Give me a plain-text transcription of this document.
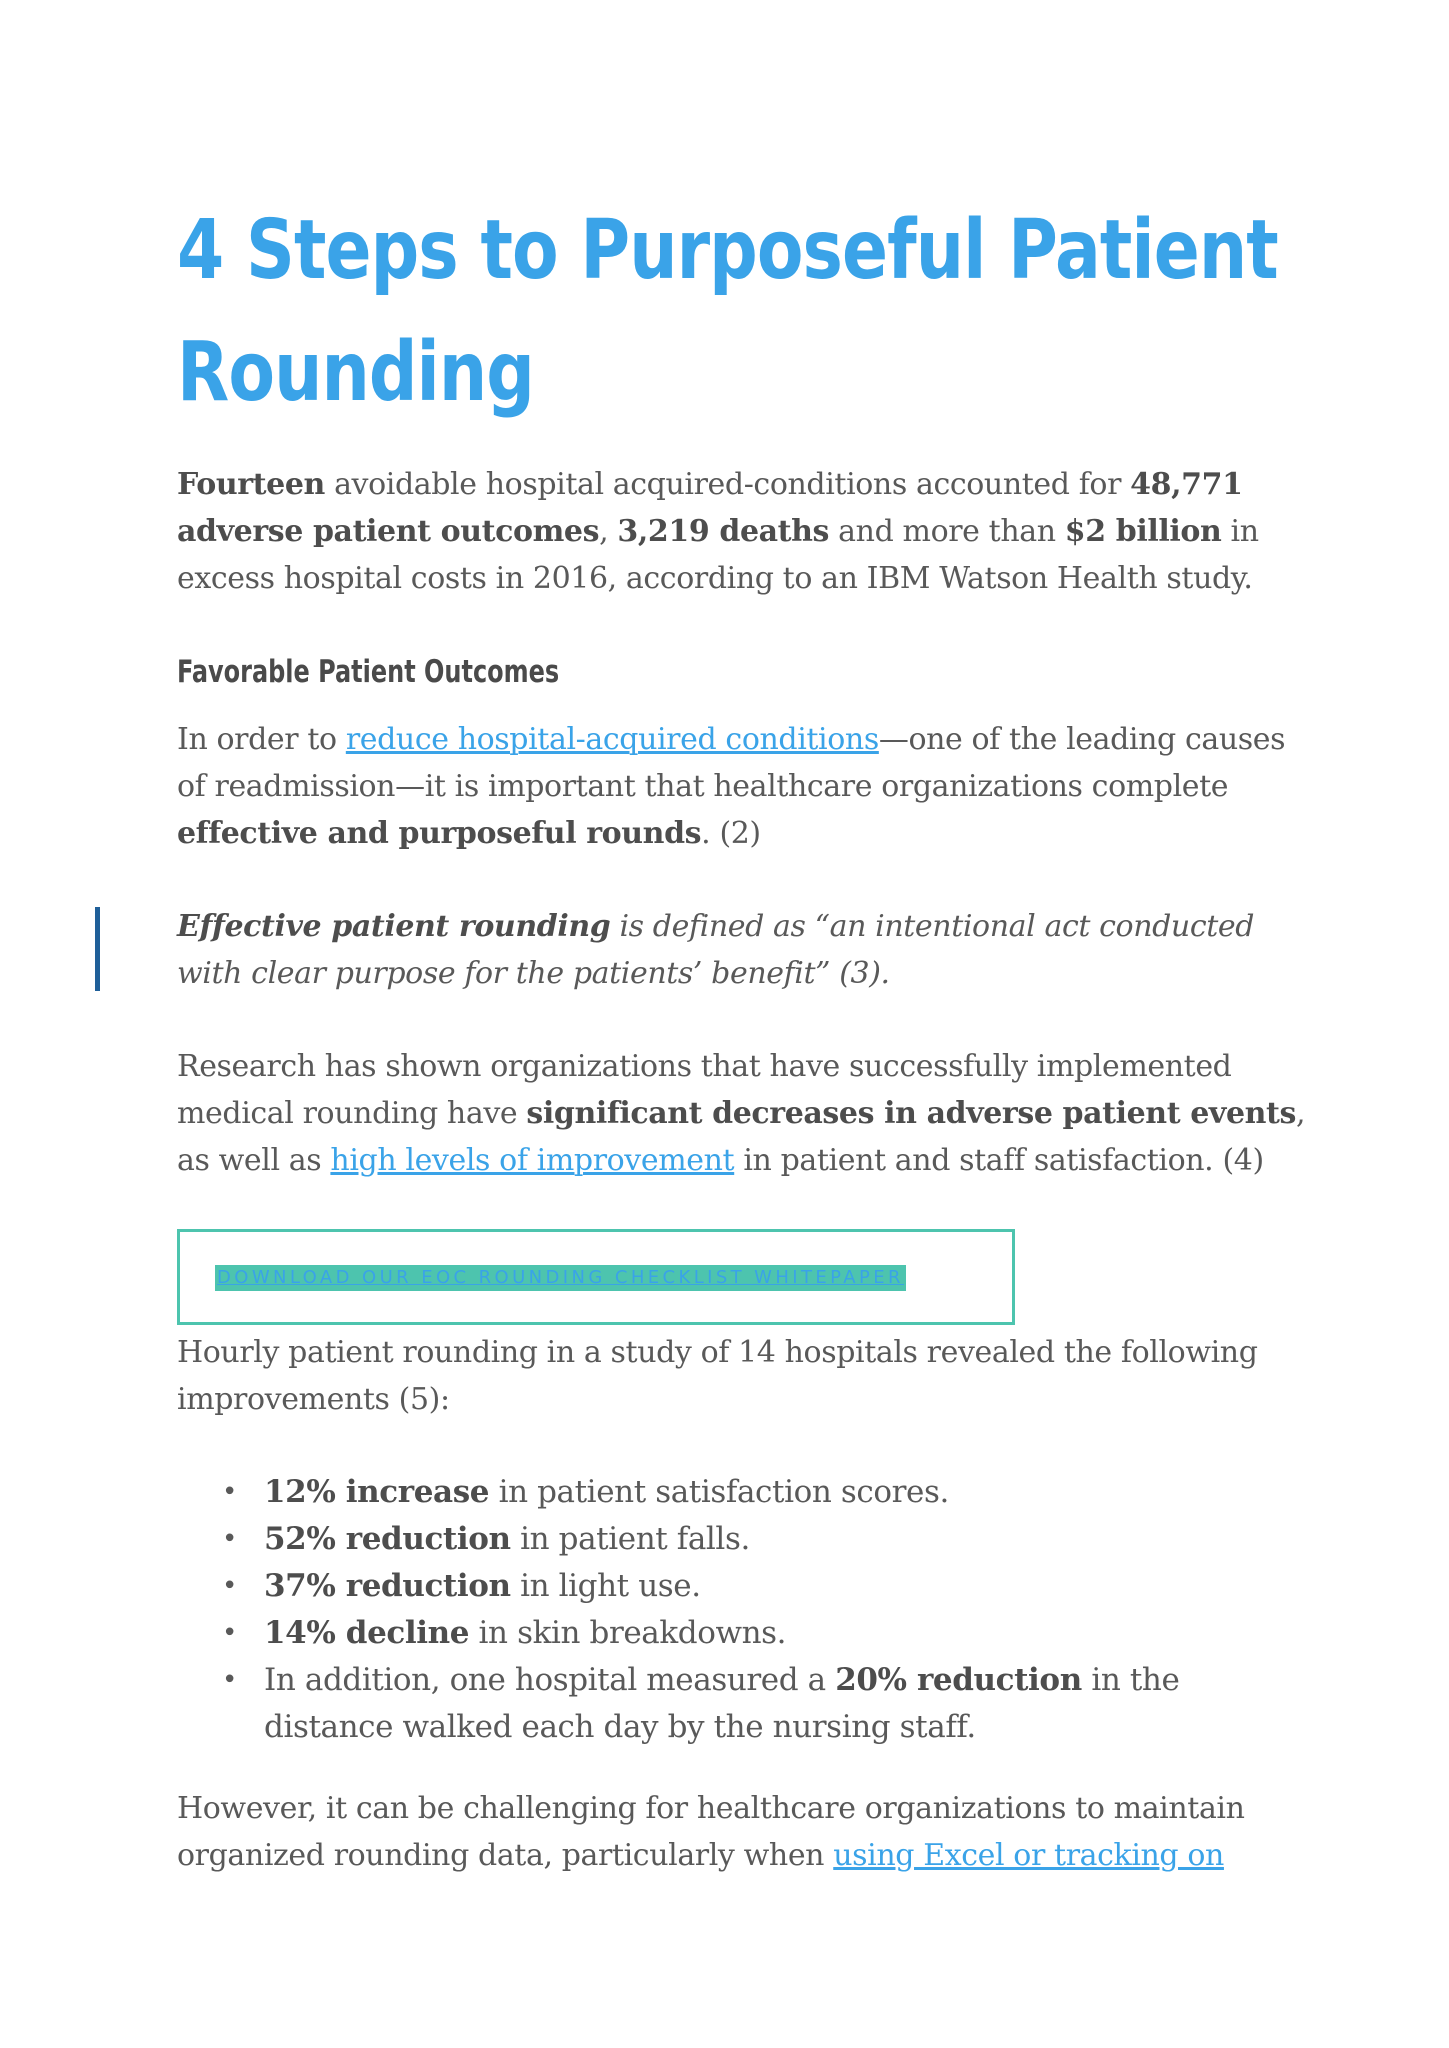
4 Steps to Purposeful Patient Rounding

Fourteen avoidable hospital acquired-conditions accounted for 48,771 adverse patient outcomes, 3,219 deaths and more than $2 billion in excess hospital costs in 2016, according to an IBM Watson Health study.

Favorable Patient Outcomes

In order to reduce hospital-acquired conditions—one of the leading causes of readmission—it is important that healthcare organizations complete effective and purposeful rounds. (2)

Effective patient rounding is defined as “an intentional act conducted with clear purpose for the patients’ benefit” (3).

Research has shown organizations that have successfully implemented medical rounding have significant decreases in adverse patient events, as well as high levels of improvement in patient and staff satisfaction. (4)

DOWNLOAD OUR EOC ROUNDING CHECKLIST WHITEPAPER

Hourly patient rounding in a study of 14 hospitals revealed the following improvements (5):

• 12% increase in patient satisfaction scores.
• 52% reduction in patient falls.
• 37% reduction in light use.
• 14% decline in skin breakdowns.
• In addition, one hospital measured a 20% reduction in the distance walked each day by the nursing staff.

However, it can be challenging for healthcare organizations to maintain organized rounding data, particularly when using Excel or tracking on
